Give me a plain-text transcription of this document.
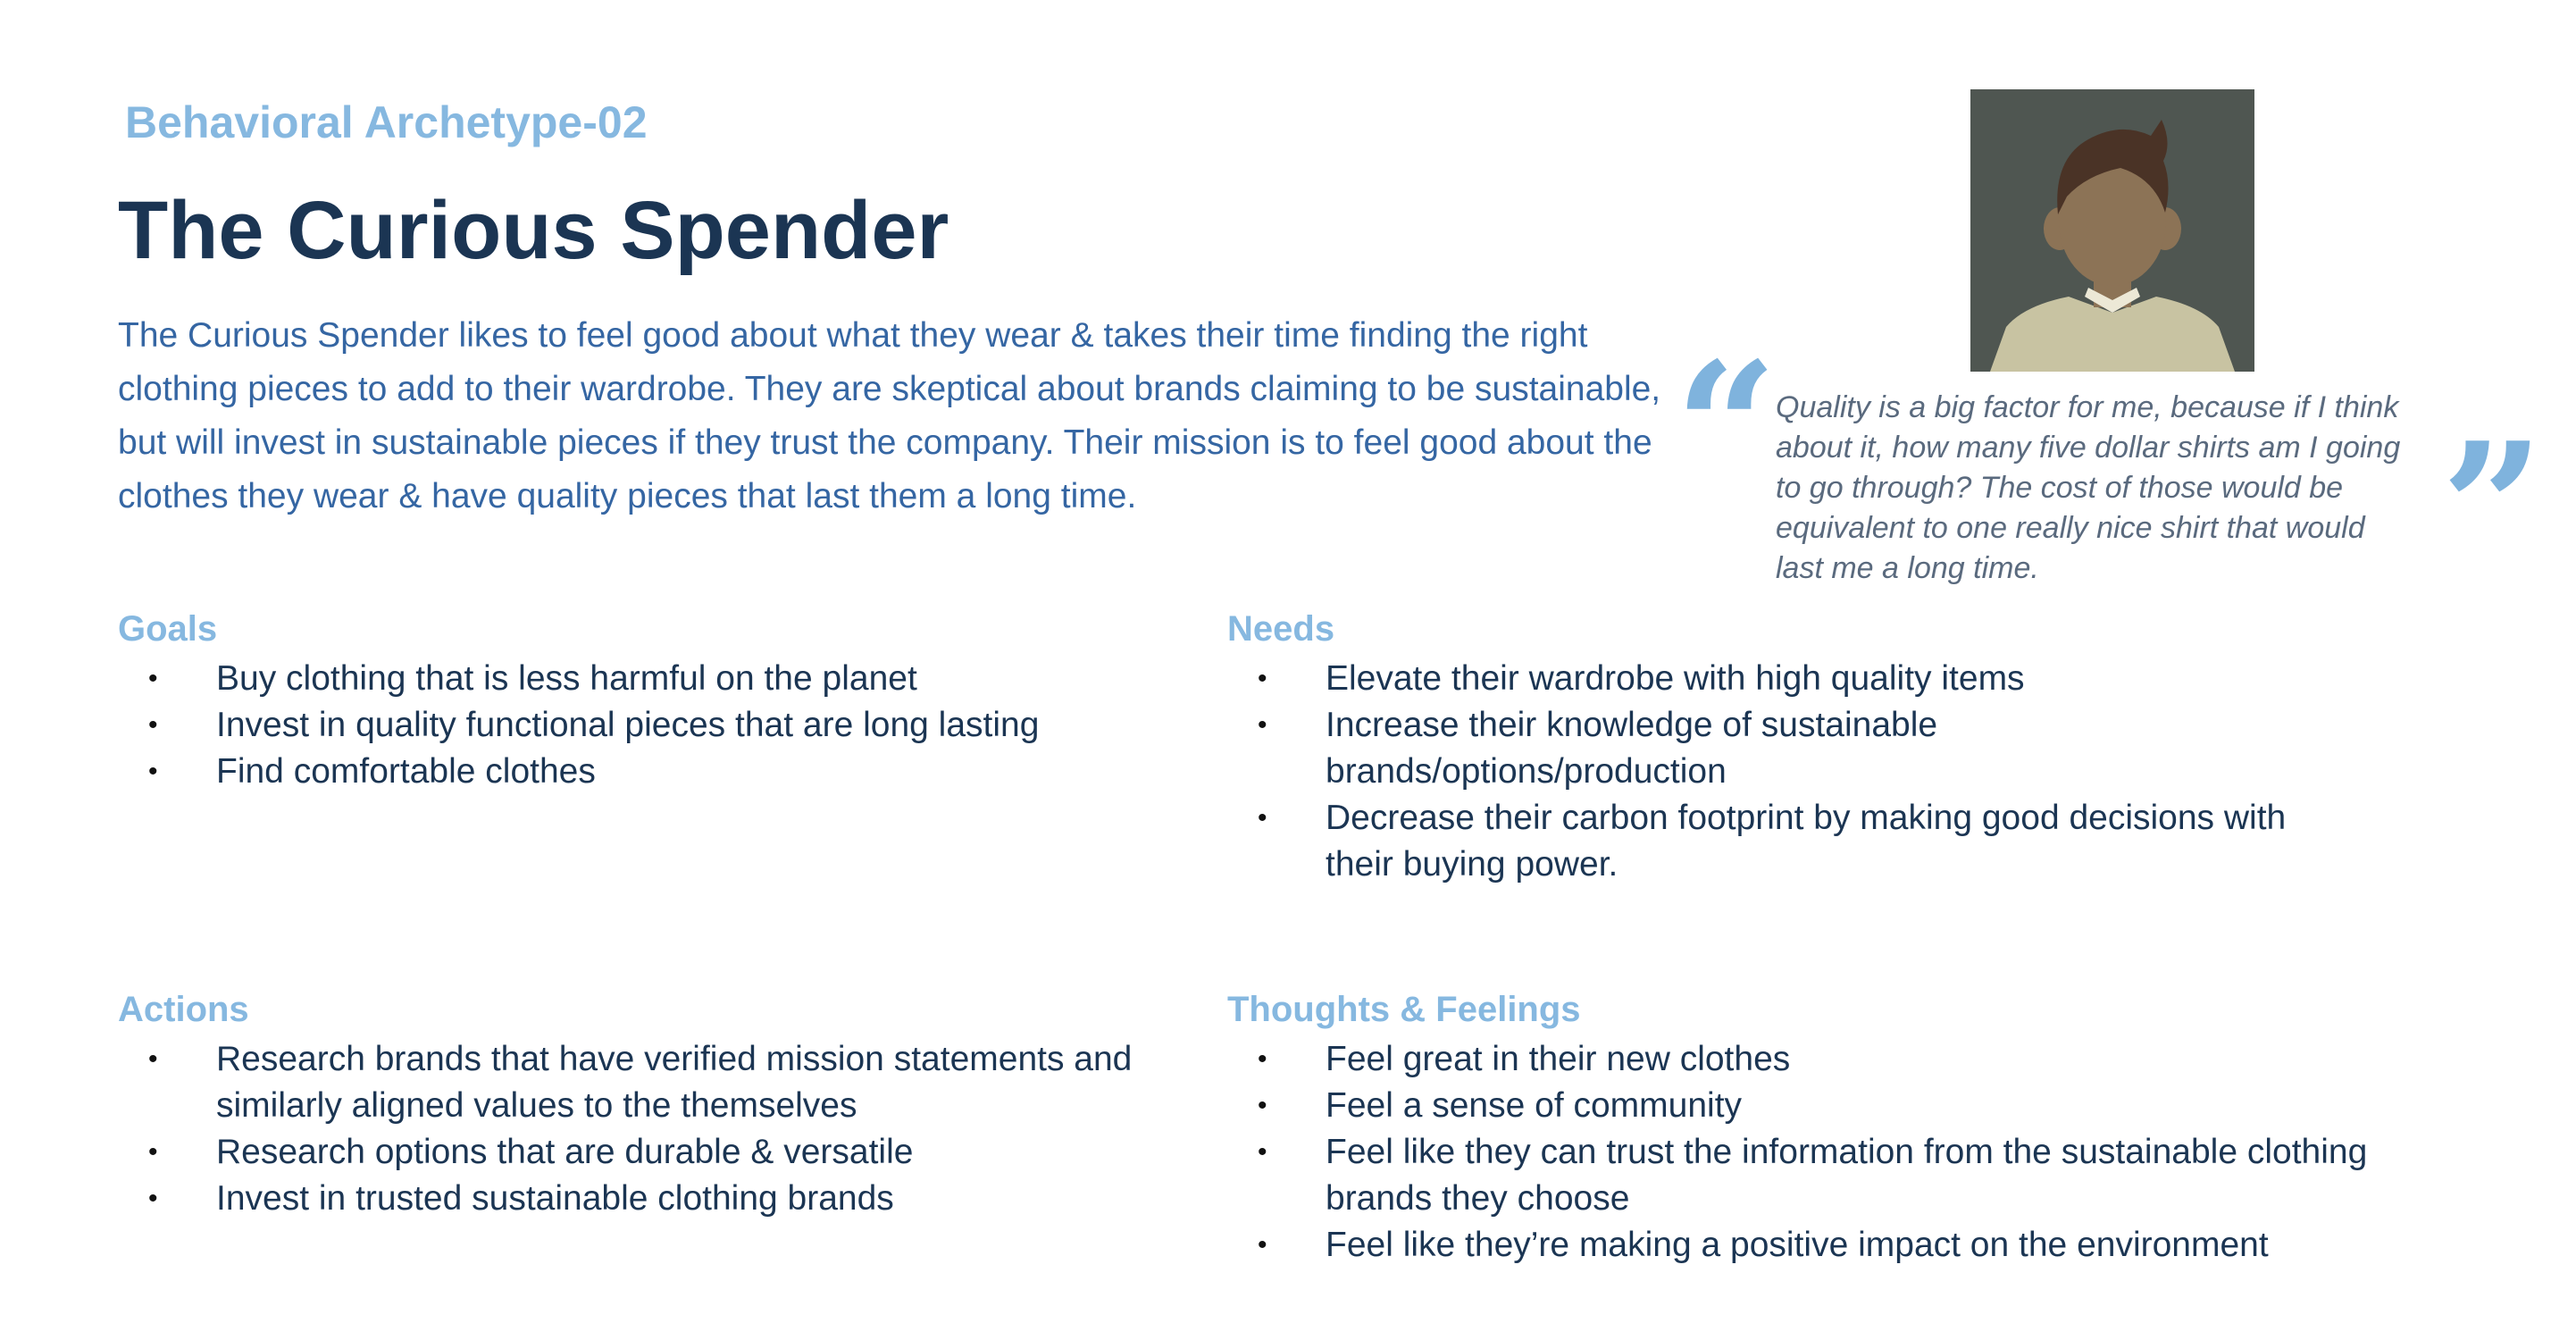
Behavioral Archetype-02
The Curious Spender

The Curious Spender likes to feel good about what they wear & takes their time finding the right clothing pieces to add to their wardrobe. They are skeptical about brands claiming to be sustainable, but will invest in sustainable pieces if they trust the company. Their mission is to feel good about the clothes they wear & have quality pieces that last them a long time.	“

Quality is a big factor for me, because if I think about it, how many five dollar shirts am I going to go through? The cost of those would be equivalent to one really nice shirt that would last me a long time.	”
Goals
• Buy clothing that is less harmful on the planet
• Invest in quality functional pieces that are long lasting
• Find comfortable clothes
Needs
• Elevate their wardrobe with high quality items
• Increase their knowledge of sustainable brands/options/production
• Decrease their carbon footprint by making good decisions with their buying power.
Actions
• Research brands that have verified mission statements and similarly aligned values to the themselves
• Research options that are durable & versatile
• Invest in trusted sustainable clothing brands
Thoughts & Feelings
• Feel great in their new clothes
• Feel a sense of community
• Feel like they can trust the information from the sustainable clothing brands they choose
• Feel like they’re making a positive impact on the environment
